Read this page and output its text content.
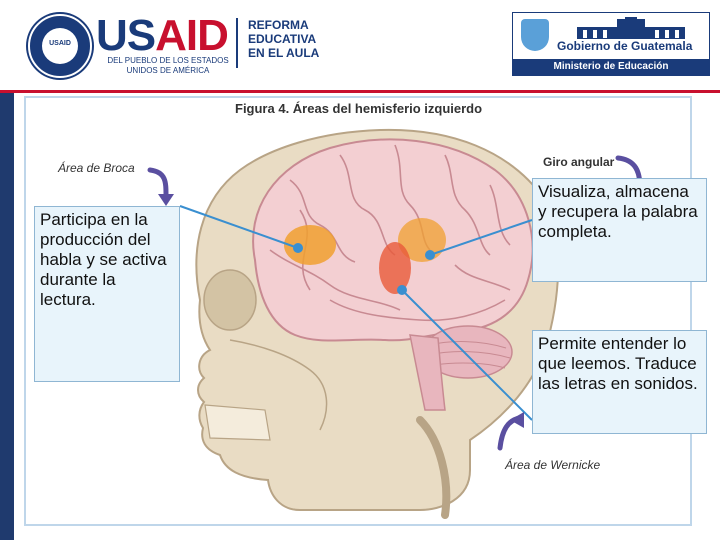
USAID USAID
DEL PUEBLO DE LOS ESTADOS UNIDOS DE AMÉRICA
REFORMA
EDUCATIVA
EN EL AULA	Gobierno de Guatemala
Ministerio de Educación
Figura 4. Áreas del hemisferio izquierdo
Área de Broca	Giro angular
Área de Wernicke
Participa en la producción del habla y se activa durante la lectura.
Visualiza, almacena y recupera la palabra completa.
Permite entender lo que leemos. Traduce las letras en sonidos.
